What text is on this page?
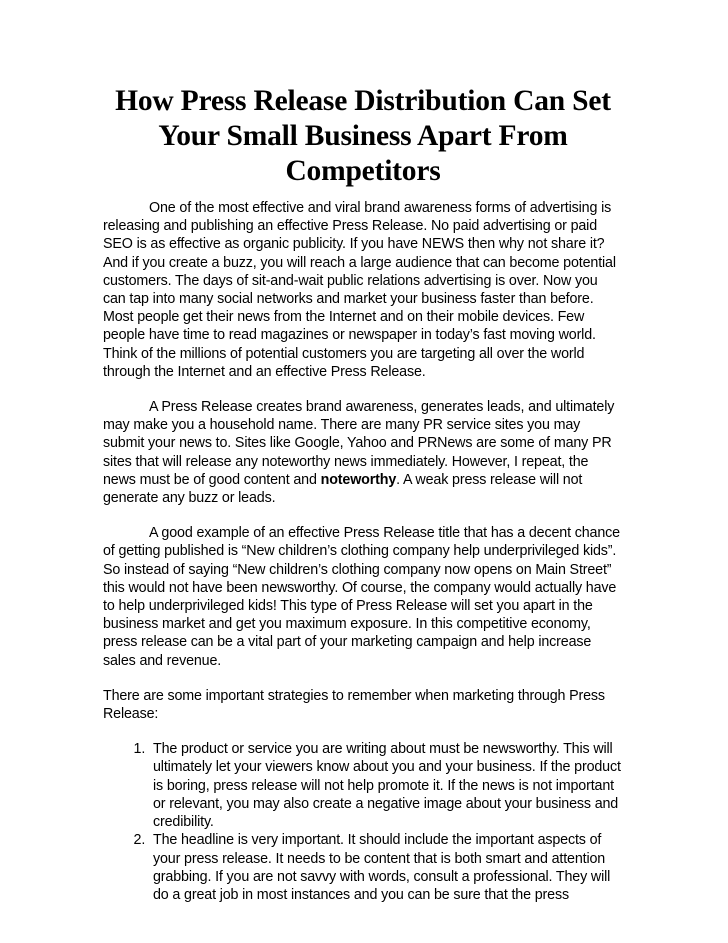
How Press Release Distribution Can Set Your Small Business Apart From Competitors

One of the most effective and viral brand awareness forms of advertising is releasing and publishing an effective Press Release. No paid advertising or paid SEO is as effective as organic publicity. If you have NEWS then why not share it? And if you create a buzz, you will reach a large audience that can become potential customers. The days of sit-and-wait public relations advertising is over. Now you can tap into many social networks and market your business faster than before. Most people get their news from the Internet and on their mobile devices. Few people have time to read magazines or newspaper in today’s fast moving world. Think of the millions of potential customers you are targeting all over the world through the Internet and an effective Press Release.

A Press Release creates brand awareness, generates leads, and ultimately may make you a household name. There are many PR service sites you may submit your news to. Sites like Google, Yahoo and PRNews are some of many PR sites that will release any noteworthy news immediately. However, I repeat, the news must be of good content and noteworthy. A weak press release will not generate any buzz or leads.

A good example of an effective Press Release title that has a decent chance of getting published is “New children’s clothing company help underprivileged kids”. So instead of saying “New children’s clothing company now opens on Main Street” this would not have been newsworthy. Of course, the company would actually have to help underprivileged kids! This type of Press Release will set you apart in the business market and get you maximum exposure. In this competitive economy, press release can be a vital part of your marketing campaign and help increase sales and revenue.

There are some important strategies to remember when marketing through Press Release:

1. The product or service you are writing about must be newsworthy. This will ultimately let your viewers know about you and your business. If the product is boring, press release will not help promote it. If the news is not important or relevant, you may also create a negative image about your business and credibility.
2. The headline is very important. It should include the important aspects of your press release. It needs to be content that is both smart and attention grabbing. If you are not savvy with words, consult a professional. They will do a great job in most instances and you can be sure that the press
